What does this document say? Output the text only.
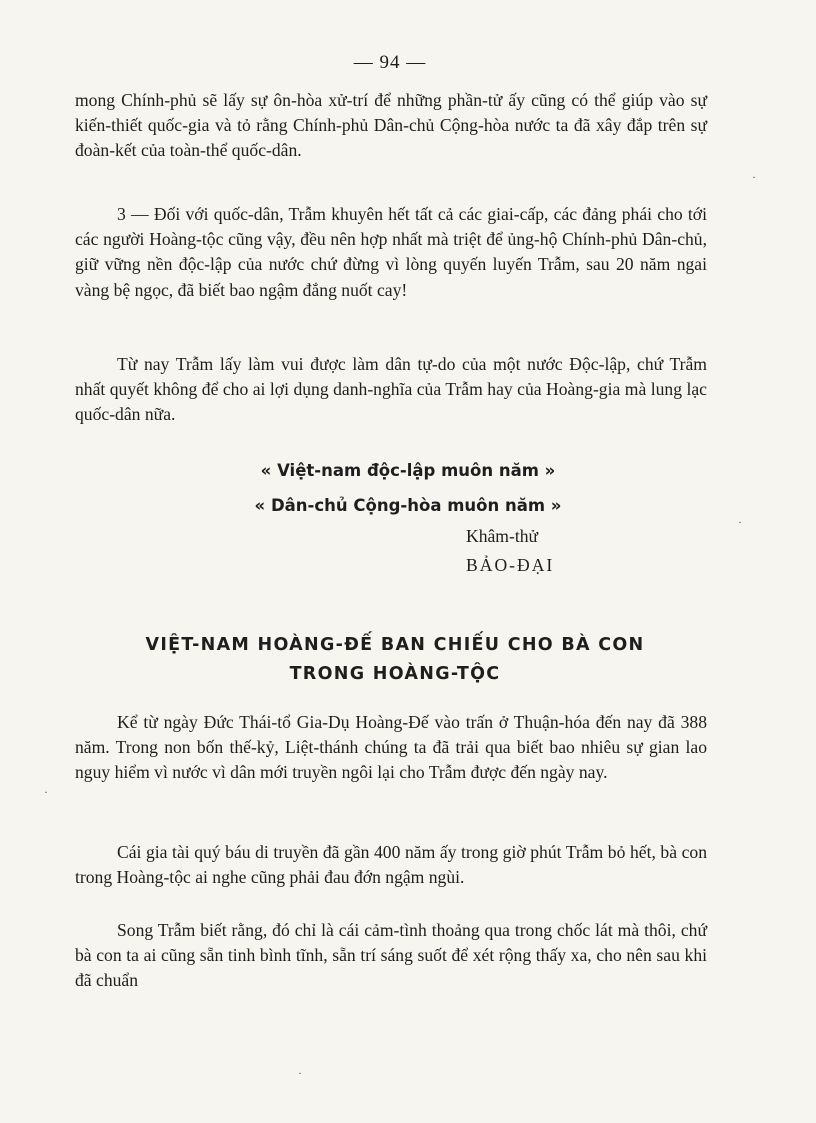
— 94 —

mong Chính-phủ sẽ lấy sự ôn-hòa xử-trí để những phần-tử ấy cũng có thể giúp vào sự kiến-thiết quốc-gia và tỏ rằng Chính-phủ Dân-chủ Cộng-hòa nước ta đã xây đắp trên sự đoàn-kết của toàn-thể quốc-dân.

3 — Đối với quốc-dân, Trẫm khuyên hết tất cả các giai-cấp, các đảng phái cho tới các người Hoàng-tộc cũng vậy, đều nên hợp nhất mà triệt để ủng-hộ Chính-phủ Dân-chủ, giữ vững nền độc-lập của nước chứ đừng vì lòng quyến luyến Trẫm, sau 20 năm ngai vàng bệ ngọc, đã biết bao ngậm đắng nuốt cay!

Từ nay Trẫm lấy làm vui được làm dân tự-do của một nước Độc-lập, chứ Trẫm nhất quyết không để cho ai lợi dụng danh-nghĩa của Trẫm hay của Hoàng-gia mà lung lạc quốc-dân nữa.

« Việt-nam độc-lập muôn năm »
« Dân-chủ Cộng-hòa muôn năm »
Khâm-thử
BẢO-ĐẠI
VIỆT-NAM HOÀNG-ĐẾ BAN CHIẾU CHO BÀ CON
TRONG HOÀNG-TỘC

Kể từ ngày Đức Thái-tổ Gia-Dụ Hoàng-Đế vào trấn ở Thuận-hóa đến nay đã 388 năm. Trong non bốn thế-kỷ, Liệt-thánh chúng ta đã trải qua biết bao nhiêu sự gian lao nguy hiểm vì nước vì dân mới truyền ngôi lại cho Trẫm được đến ngày nay.

Cái gia tài quý báu di truyền đã gần 400 năm ấy trong giờ phút Trẫm bỏ hết, bà con trong Hoàng-tộc ai nghe cũng phải đau đớn ngậm ngùi.

Song Trẫm biết rằng, đó chỉ là cái cảm-tình thoảng qua trong chốc lát mà thôi, chứ bà con ta ai cũng sẵn tinh bình tĩnh, sẵn trí sáng suốt để xét rộng thấy xa, cho nên sau khi đã chuẩn

·
·
·
·
